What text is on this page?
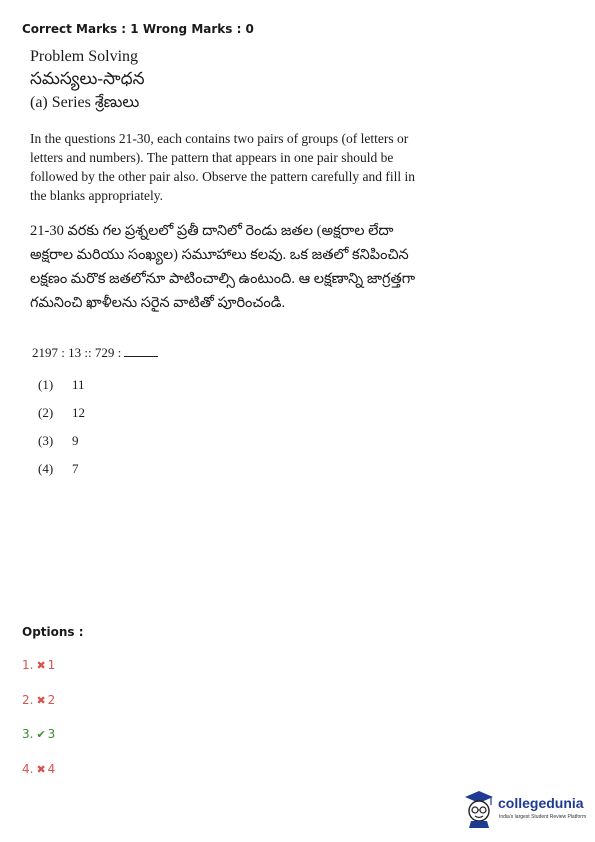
Correct Marks : 1 Wrong Marks : 0

Problem Solving

సమస్యలు-సాధన

(a) Series శ్రేణులు

In the questions 21-30, each contains two pairs of groups (of letters or letters and numbers). The pattern that appears in one pair should be followed by the other pair also. Observe the pattern carefully and fill in the blanks appropriately.

21-30 వరకు గల ప్రశ్నలలో ప్రతీ దానిలో రెండు జతల (అక్షరాల లేదా అక్షరాల మరియు సంఖ్యల) సమూహాలు కలవు. ఒక జతలో కనిపించిన లక్షణం మరొక జతలోనూ పాటించాల్సి ఉంటుంది. ఆ లక్షణాన్ని జాగ్రత్తగా గమనించి ఖాళీలను సరైన వాటితో పూరించండి.

2197 : 13 :: 729 :
(1) 11
(2) 12
(3) 9
(4) 7
Options :
1. ✖ 1
2. ✖ 2
3. ✔ 3
4. ✖ 4
collegedunia
India's largest Student Review Platform
